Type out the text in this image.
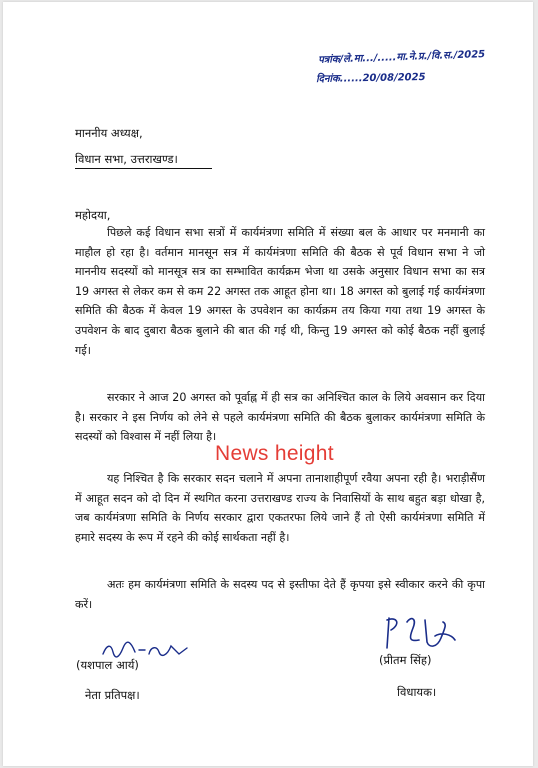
पत्रांक/ले.मा.../.....मा.ने.प्र./वि.स./2025
दिनांक......20/08/2025
माननीय अध्यक्ष,
विधान सभा, उत्तराखण्ड।
महोदया,

पिछले कई विधान सभा सत्रों में कार्यमंत्रणा समिति में संख्या बल के आधार पर मनमानी का माहौल हो रहा है। वर्तमान मानसून सत्र में कार्यमंत्रणा समिति की बैठक से पूर्व विधान सभा ने जो माननीय सदस्यों को मानसूत्र सत्र का सम्भावित कार्यक्रम भेजा था उसके अनुसार विधान सभा का सत्र 19 अगस्त से लेकर कम से कम 22 अगस्त तक आहूत होना था। 18 अगस्त को बुलाई गई कार्यमंत्रणा समिति की बैठक में केवल 19 अगस्त के उपवेशन का कार्यक्रम तय किया गया तथा 19 अगस्त के उपवेशन के बाद दुबारा बैठक बुलाने की बात की गई थी, किन्तु 19 अगस्त को कोई बैठक नहीं बुलाई गई।

सरकार ने आज 20 अगस्त को पूर्वाह्न में ही सत्र का अनिश्चित काल के लिये अवसान कर दिया है। सरकार ने इस निर्णय को लेने से पहले कार्यमंत्रणा समिति की बैठक बुलाकर कार्यमंत्रणा समिति के सदस्यों को विश्वास में नहीं लिया है।

यह निश्चित है कि सरकार सदन चलाने में अपना तानाशाहीपूर्ण रवैया अपना रही है। भराड़ीसैंण में आहूत सदन को दो दिन में स्थगित करना उत्तराखण्ड राज्य के निवासियों के साथ बहुत बड़ा धोखा है, जब कार्यमंत्रणा समिति के निर्णय सरकार द्वारा एकतरफा लिये जाने हैं तो ऐसी कार्यमंत्रणा समिति में हमारे सदस्य के रूप में रहने की कोई सार्थकता नहीं है।

अतः हम कार्यमंत्रणा समिति के सदस्य पद से इस्तीफा देते हैं कृपया इसे स्वीकार करने की कृपा करें।

News height
(यशपाल आर्य)
नेता प्रतिपक्ष।
(प्रीतम सिंह)
विधायक।
